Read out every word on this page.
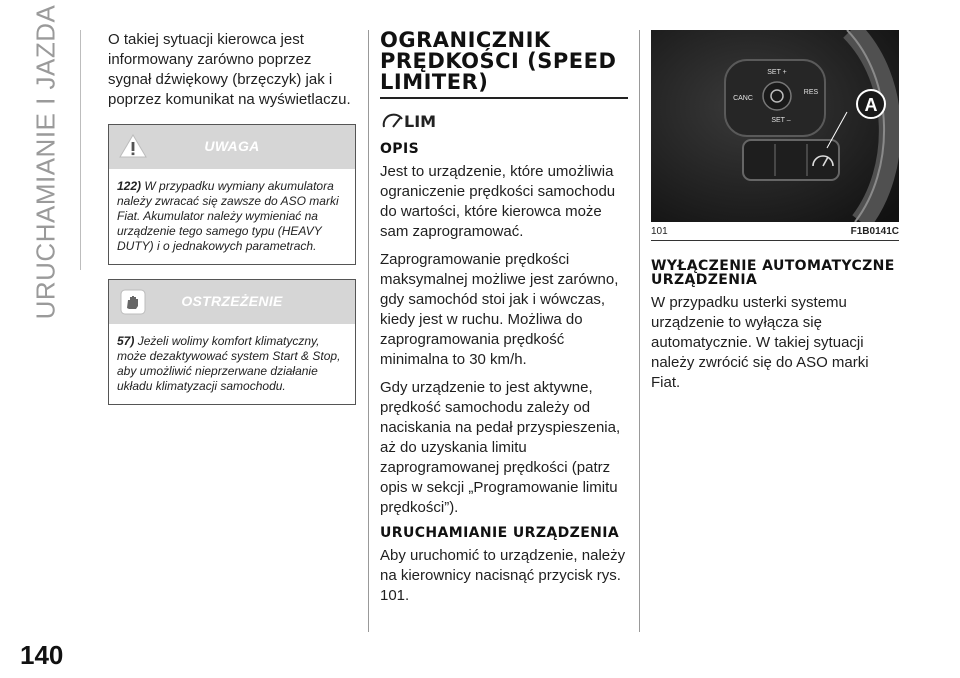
URUCHAMIANIE I JAZDA
140

O takiej sytuacji kierowca jest informowany zarówno poprzez sygnał dźwiękowy (brzęczyk) jak i poprzez komunikat na wyświetlaczu.

UWAGA
122) W przypadku wymiany akumulatora należy zwracać się zawsze do ASO marki Fiat. Akumulator należy wymieniać na urządzenie tego samego typu (HEAVY DUTY) i o jednakowych parametrach.
OSTRZEŻENIE
57) Jeżeli wolimy komfort klimatyczny, może dezaktywować system Start & Stop, aby umożliwić nieprzerwane działanie układu klimatyzacji samochodu.
OGRANICZNIK PRĘDKOŚCI (SPEED LIMITER)
LIM
OPIS

Jest to urządzenie, które umożliwia ograniczenie prędkości samochodu do wartości, które kierowca może sam zaprogramować.

Zaprogramowanie prędkości maksymalnej możliwe jest zarówno, gdy samochód stoi jak i wówczas, kiedy jest w ruchu. Możliwa do zaprogramowania prędkość minimalna to 30 km/h.

Gdy urządzenie to jest aktywne, prędkość samochodu zależy od naciskania na pedał przyspieszenia, aż do uzyskania limitu zaprogramowanej prędkości (patrz opis w sekcji „Programowanie limitu prędkości”).

URUCHAMIANIE URZĄDZENIA

Aby uruchomić to urządzenie, należy na kierownicy nacisnąć przycisk rys. 101.

SET +
CANC
RES
SET –
A
101	F1B0141C
WYŁĄCZENIE AUTOMATYCZNE URZĄDZENIA

W przypadku usterki systemu urządzenie to wyłącza się automatycznie. W takiej sytuacji należy zwrócić się do ASO marki Fiat.
